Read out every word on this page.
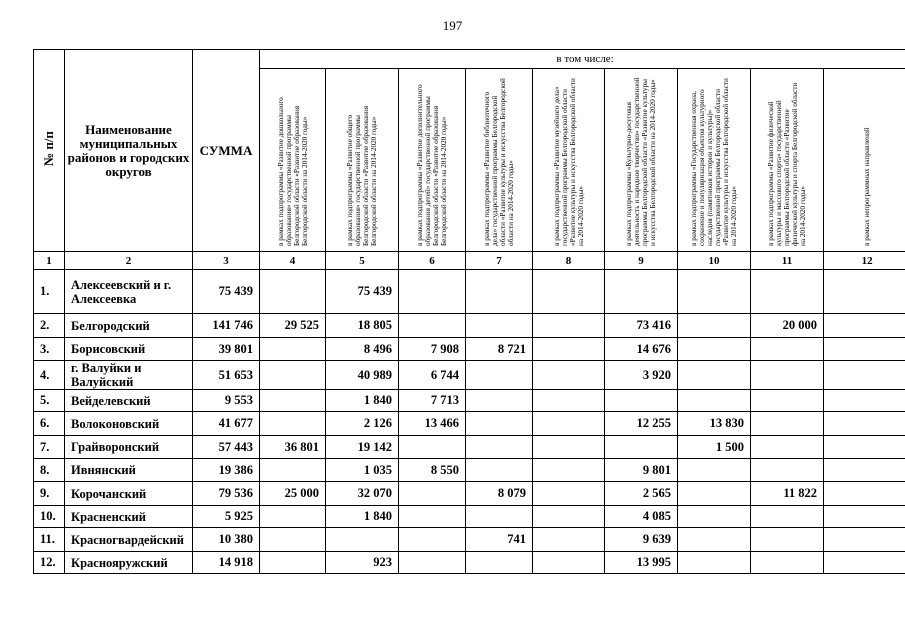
197
№ п/п	Наименование муниципальных районов и городских округов	СУММА	в том числе:								

			в рамках подпрограммы «Развитие дошкольного образования» государственной программы Белгородской области «Развитие образования Белгородской области на 2014-2020 годы»	в рамках подпрограммы «Развитие общего образования» государственной программы Белгородской области «Развитие образования Белгородской области на 2014-2020 годы»	в рамках подпрограммы «Развитие дополнительного образования детей» государственной программы Белгородской области «Развитие образования Белгородской области на 2014-2020 годы»	в рамках подпрограммы «Развитие библиотечного дела» государственной программы Белгородской области «Развитие культуры и искусства Белгородской области на 2014-2020 годы»	в рамках подпрограммы «Развитие музейного дела» государственной программы Белгородской области «Развитие культуры и искусства Белгородской области на 2014-2020 годы»	в рамках подпрограммы «Культурно-досуговая деятельность и народное творчество» государственной программы Белгородской области «Развитие культуры и искусства Белгородской области на 2014-2020 годы»	в рамках подпрограммы «Государственная охрана, сохранение и популяризация объектов культурного наследия (памятников истории и культуры)» государственной программы Белгородской области «Развитие культуры и искусства Белгородской области на 2014-2020 годы»	в рамках подпрограммы «Развитие физической культуры и массового спорта» государственной программы Белгородской области «Развитие физической культуры и спорта Белгородской области на 2014-2020 годы»	в рамках непрограммных направлений

1	2	3	4	5	6	7	8	9	10	11	12
1.	Алексеевский и г. Алексеевка	75 439		75 439							
2.	Белгородский	141 746	29 525	18 805				73 416		20 000	
3.	Борисовский	39 801		8 496	7 908	8 721		14 676			
4.	г. Валуйки и Валуйский	51 653		40 989	6 744			3 920			
5.	Вейделевский	9 553		1 840	7 713						
6.	Волоконовский	41 677		2 126	13 466			12 255	13 830		
7.	Грайворонский	57 443	36 801	19 142					1 500		
8.	Ивнянский	19 386		1 035	8 550			9 801			
9.	Корочанский	79 536	25 000	32 070		8 079		2 565		11 822	
10.	Красненский	5 925		1 840				4 085			
11.	Красногвардейский	10 380				741		9 639			
12.	Краснояружский	14 918		923				13 995			
